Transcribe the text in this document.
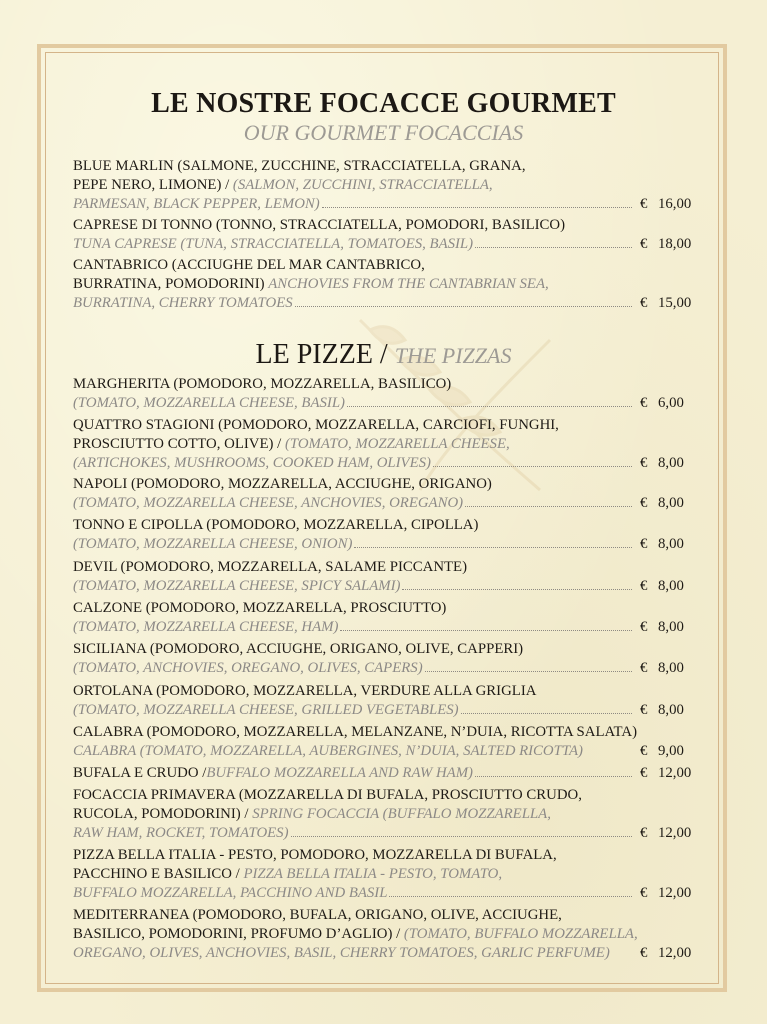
LE NOSTRE FOCACCE GOURMET
OUR GOURMET FOCACCIAS
BLUE MARLIN (SALMONE, ZUCCHINE, STRACCIATELLA, GRANA,
PEPE NERO, LIMONE) / (SALMON, ZUCCHINI, STRACCIATELLA,
PARMESAN, BLACK PEPPER, LEMON)	€ 16,00
CAPRESE DI TONNO (TONNO, STRACCIATELLA, POMODORI, BASILICO)
TUNA CAPRESE (TUNA, STRACCIATELLA, TOMATOES, BASIL)	€ 18,00
CANTABRICO (ACCIUGHE DEL MAR CANTABRICO,
BURRATINA, POMODORINI) ANCHOVIES FROM THE CANTABRIAN SEA,
BURRATINA, CHERRY TOMATOES	€ 15,00
LE PIZZE / THE PIZZAS
MARGHERITA (POMODORO, MOZZARELLA, BASILICO)
(TOMATO, MOZZARELLA CHEESE, BASIL)	€ 6,00
QUATTRO STAGIONI (POMODORO, MOZZARELLA, CARCIOFI, FUNGHI,
PROSCIUTTO COTTO, OLIVE) / (TOMATO, MOZZARELLA CHEESE,
(ARTICHOKES, MUSHROOMS, COOKED HAM, OLIVES)	€ 8,00
NAPOLI (POMODORO, MOZZARELLA, ACCIUGHE, ORIGANO)
(TOMATO, MOZZARELLA CHEESE, ANCHOVIES, OREGANO)	€ 8,00
TONNO E CIPOLLA (POMODORO, MOZZARELLA, CIPOLLA)
(TOMATO, MOZZARELLA CHEESE, ONION)	€ 8,00
DEVIL (POMODORO, MOZZARELLA, SALAME PICCANTE)
(TOMATO, MOZZARELLA CHEESE, SPICY SALAMI)	€ 8,00
CALZONE (POMODORO, MOZZARELLA, PROSCIUTTO)
(TOMATO, MOZZARELLA CHEESE, HAM)	€ 8,00
SICILIANA (POMODORO, ACCIUGHE, ORIGANO, OLIVE, CAPPERI)
(TOMATO, ANCHOVIES, OREGANO, OLIVES, CAPERS)	€ 8,00
ORTOLANA (POMODORO, MOZZARELLA, VERDURE ALLA GRIGLIA
(TOMATO, MOZZARELLA CHEESE, GRILLED VEGETABLES)	€ 8,00
CALABRA (POMODORO, MOZZARELLA, MELANZANE, N’DUIA, RICOTTA SALATA)
CALABRA (TOMATO, MOZZARELLA, AUBERGINES, N’DUIA, SALTED RICOTTA)	€ 9,00
BUFALA E CRUDO / BUFFALO MOZZARELLA AND RAW HAM)	€ 12,00
FOCACCIA PRIMAVERA (MOZZARELLA DI BUFALA, PROSCIUTTO CRUDO,
RUCOLA, POMODORINI) / SPRING FOCACCIA (BUFFALO MOZZARELLA,
RAW HAM, ROCKET, TOMATOES)	€ 12,00
PIZZA BELLA ITALIA - PESTO, POMODORO, MOZZARELLA DI BUFALA,
PACCHINO E BASILICO / PIZZA BELLA ITALIA - PESTO, TOMATO,
BUFFALO MOZZARELLA, PACCHINO AND BASIL	€ 12,00
MEDITERRANEA (POMODORO, BUFALA, ORIGANO, OLIVE, ACCIUGHE,
BASILICO, POMODORINI, PROFUMO D’AGLIO) / (TOMATO, BUFFALO MOZZARELLA,
OREGANO, OLIVES, ANCHOVIES, BASIL, CHERRY TOMATOES, GARLIC PERFUME) € 12,00
